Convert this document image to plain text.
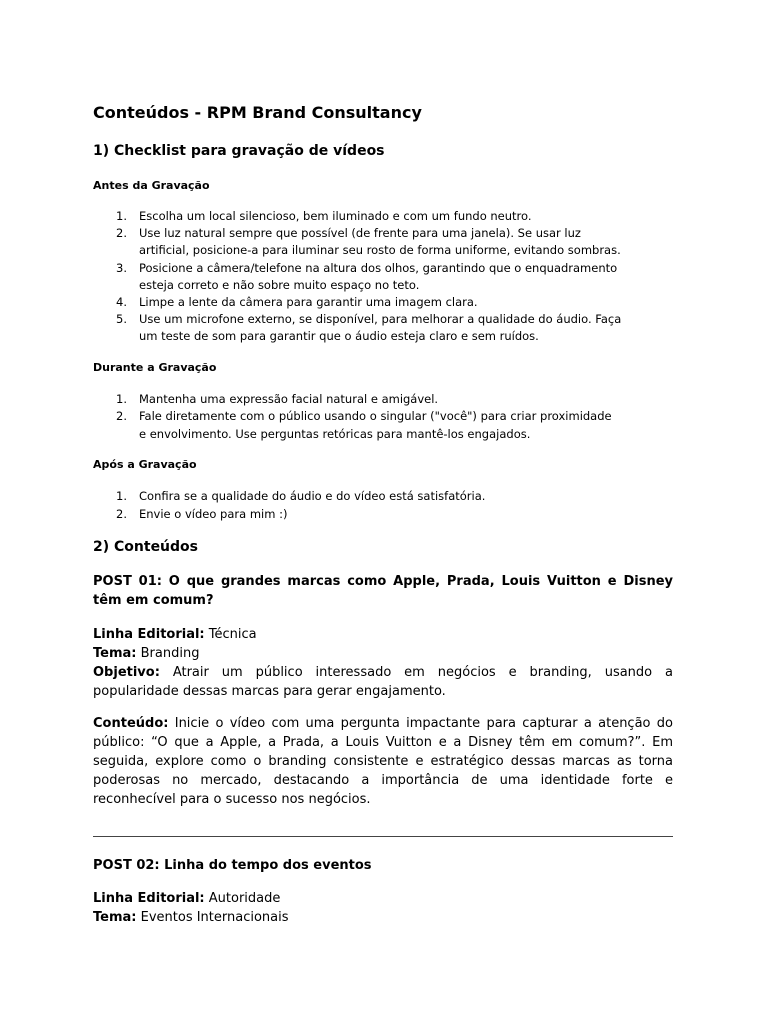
Conteúdos - RPM Brand Consultancy
1) Checklist para gravação de vídeos
Antes da Gravação
1. Escolha um local silencioso, bem iluminado e com um fundo neutro.
2. Use luz natural sempre que possível (de frente para uma janela). Se usar luz
artificial, posicione-a para iluminar seu rosto de forma uniforme, evitando sombras.
3. Posicione a câmera/telefone na altura dos olhos, garantindo que o enquadramento
esteja correto e não sobre muito espaço no teto.
4. Limpe a lente da câmera para garantir uma imagem clara.
5. Use um microfone externo, se disponível, para melhorar a qualidade do áudio. Faça
um teste de som para garantir que o áudio esteja claro e sem ruídos.
Durante a Gravação
1. Mantenha uma expressão facial natural e amigável.
2. Fale diretamente com o público usando o singular ("você") para criar proximidade
e envolvimento. Use perguntas retóricas para mantê-los engajados.
Após a Gravação
1. Confira se a qualidade do áudio e do vídeo está satisfatória.
2. Envie o vídeo para mim :)
2) Conteúdos
POST 01: O que grandes marcas como Apple, Prada, Louis Vuitton e Disney têm em comum?
Linha Editorial: Técnica
Tema: Branding
Objetivo: Atrair um público interessado em negócios e branding, usando a popularidade dessas marcas para gerar engajamento.
Conteúdo: Inicie o vídeo com uma pergunta impactante para capturar a atenção do público: “O que a Apple, a Prada, a Louis Vuitton e a Disney têm em comum?”. Em seguida, explore como o branding consistente e estratégico dessas marcas as torna poderosas no mercado, destacando a importância de uma identidade forte e reconhecível para o sucesso nos negócios.
POST 02: Linha do tempo dos eventos
Linha Editorial: Autoridade
Tema: Eventos Internacionais
